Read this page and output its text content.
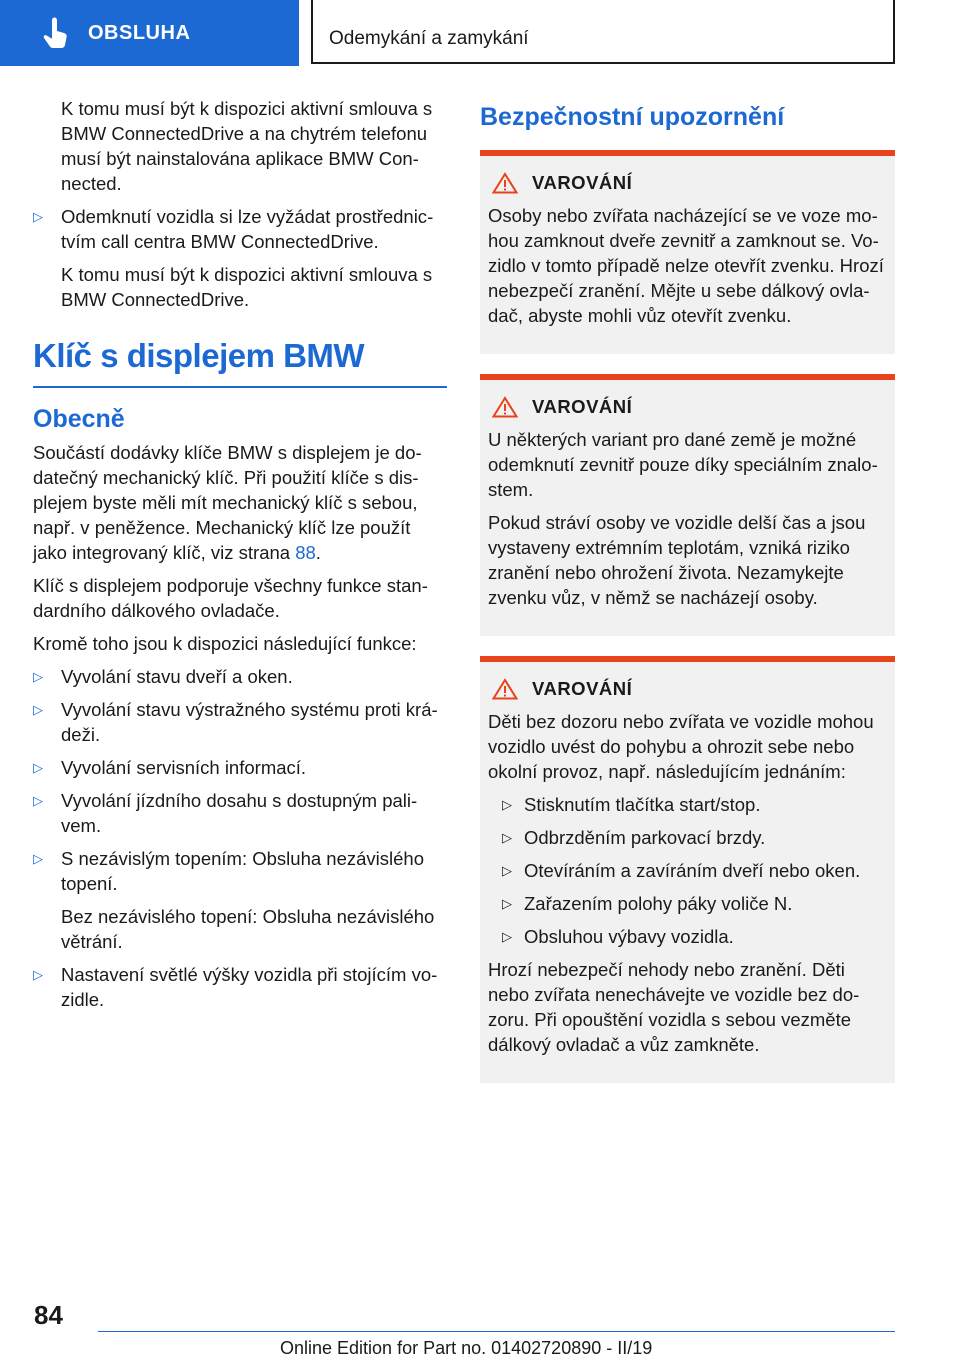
OBSLUHA	Odemykání a zamykání

K tomu musí být k dispozici aktivní smlouva s BMW ConnectedDrive a na chytrém telefonu musí být nainstalována aplikace BMW Connected.

▷ Odemknutí vozidla si lze vyžádat prostřednictvím call centra BMW ConnectedDrive.

K tomu musí být k dispozici aktivní smlouva s BMW ConnectedDrive.

Klíč s displejem BMW
Obecně

Součástí dodávky klíče BMW s displejem je dodatečný mechanický klíč. Při použití klíče s displejem byste měli mít mechanický klíč s sebou, např. v peněžence. Mechanický klíč lze použít jako integrovaný klíč, viz strana 88.

Klíč s displejem podporuje všechny funkce standardního dálkového ovladače.

Kromě toho jsou k dispozici následující funkce:

▷ Vyvolání stavu dveří a oken.
▷ Vyvolání stavu výstražného systému proti krádeži.
▷ Vyvolání servisních informací.
▷ Vyvolání jízdního dosahu s dostupným palivem.
▷ S nezávislým topením: Obsluha nezávislého topení.

Bez nezávislého topení: Obsluha nezávislého větrání.

▷ Nastavení světlé výšky vozidla při stojícím vozidle.
Bezpečnostní upozornění
VAROVÁNÍ

Osoby nebo zvířata nacházející se ve voze mohou zamknout dveře zevnitř a zamknout se. Vozidlo v tomto případě nelze otevřít zvenku. Hrozí nebezpečí zranění. Mějte u sebe dálkový ovladač, abyste mohli vůz otevřít zvenku.

VAROVÁNÍ

U některých variant pro dané země je možné odemknutí zevnitř pouze díky speciálním znalostem.

Pokud stráví osoby ve vozidle delší čas a jsou vystaveny extrémním teplotám, vzniká riziko zranění nebo ohrožení života. Nezamykejte zvenku vůz, v němž se nacházejí osoby.

VAROVÁNÍ

Děti bez dozoru nebo zvířata ve vozidle mohou vozidlo uvést do pohybu a ohrozit sebe nebo okolní provoz, např. následujícím jednáním:

▷ Stisknutím tlačítka start/stop.
▷ Odbrzděním parkovací brzdy.
▷ Otevíráním a zavíráním dveří nebo oken.
▷ Zařazením polohy páky voliče N.
▷ Obsluhou výbavy vozidla.

Hrozí nebezpečí nehody nebo zranění. Děti nebo zvířata nenechávejte ve vozidle bez dozoru. Při opouštění vozidla s sebou vezměte dálkový ovladač a vůz zamkněte.

84
Online Edition for Part no. 01402720890 - II/19
